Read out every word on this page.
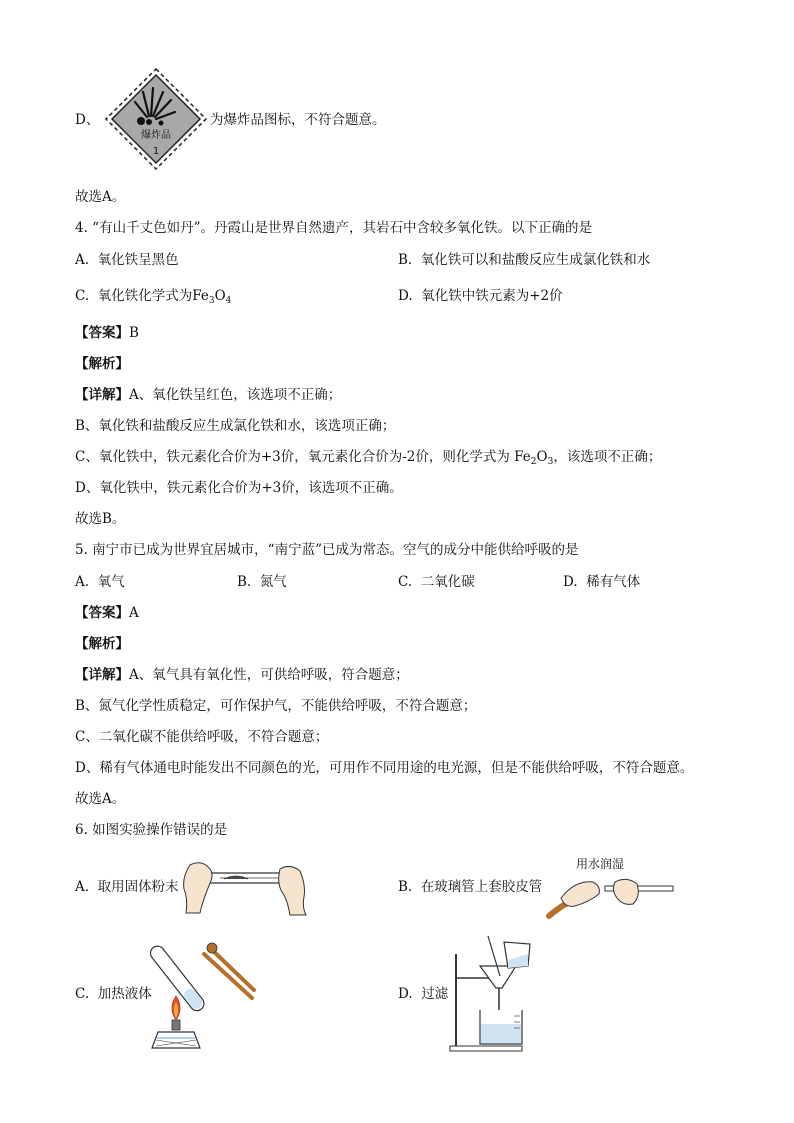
D、
爆炸品
1
为爆炸品图标，不符合题意。
故选A。
4. “有山千丈色如丹”。丹霞山是世界自然遗产，其岩石中含较多氧化铁。以下正确的是
A. 氧化铁呈黑色	B. 氧化铁可以和盐酸反应生成氯化铁和水
C. 氧化铁化学式为$Fe_3O_4$	D. 氧化铁中铁元素为+2价
【答案】B
【解析】
【详解】A、氧化铁呈红色，该选项不正确；
B、氧化铁和盐酸反应生成氯化铁和水，该选项正确；
C、氧化铁中，铁元素化合价为+3价，氧元素化合价为-2价，则化学式为 $Fe_2O_3$，该选项不正确；
D、氧化铁中，铁元素化合价为+3价，该选项不正确。
故选B。
5. 南宁市已成为世界宜居城市，“南宁蓝”已成为常态。空气的成分中能供给呼吸的是
A. 氧气	B. 氮气	C. 二氧化碳	D. 稀有气体
【答案】A
【解析】
【详解】A、氧气具有氧化性，可供给呼吸，符合题意；
B、氮气化学性质稳定，可作保护气，不能供给呼吸，不符合题意；
C、二氧化碳不能供给呼吸，不符合题意；
D、稀有气体通电时能发出不同颜色的光，可用作不同用途的电光源，但是不能供给呼吸，不符合题意。
故选A。
6. 如图实验操作错误的是
A. 取用固体粉末	B. 在玻璃管上套胶皮管
用水润湿
C. 加热液体	D. 过滤
